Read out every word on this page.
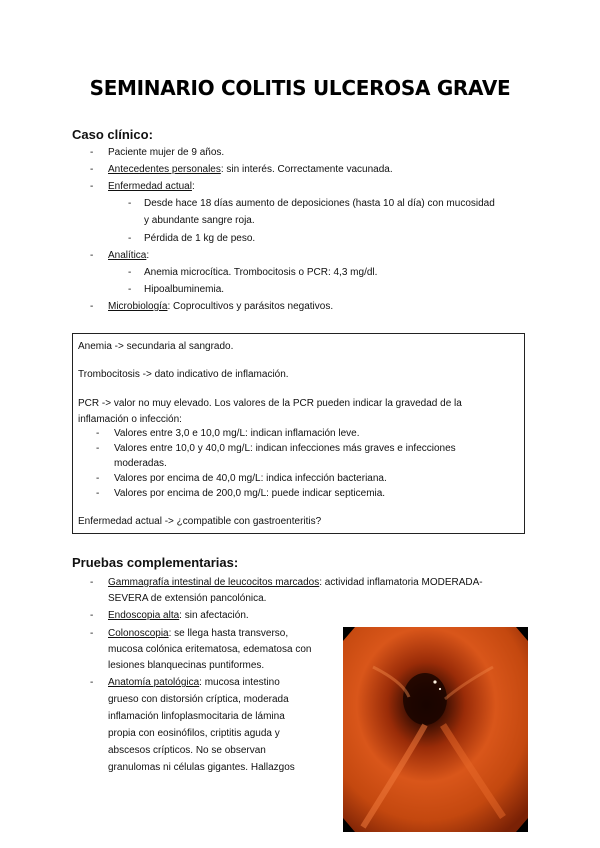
SEMINARIO COLITIS ULCEROSA GRAVE
Caso clínico:
- Paciente mujer de 9 años.
- Antecedentes personales: sin interés. Correctamente vacunada.
- Enfermedad actual:
- Desde hace 18 días aumento de deposiciones (hasta 10 al día) con mucosidad
y abundante sangre roja.
- Pérdida de 1 kg de peso.
- Analítica:
- Anemia microcítica. Trombocitosis o PCR: 4,3 mg/dl.
- Hipoalbuminemia.
- Microbiología: Coprocultivos y parásitos negativos.
Anemia -> secundaria al sangrado.
Trombocitosis -> dato indicativo de inflamación.
PCR -> valor no muy elevado. Los valores de la PCR pueden indicar la gravedad de la
inflamación o infección:
- Valores entre 3,0 e 10,0 mg/L: indican inflamación leve.
- Valores entre 10,0 y 40,0 mg/L: indican infecciones más graves e infecciones
moderadas.
- Valores por encima de 40,0 mg/L: indica infección bacteriana.
- Valores por encima de 200,0 mg/L: puede indicar septicemia.
Enfermedad actual -> ¿compatible con gastroenteritis?
Pruebas complementarias:
- Gammagrafía intestinal de leucocitos marcados: actividad inflamatoria MODERADA-
SEVERA de extensión pancolónica.
- Endoscopia alta: sin afectación.
- Colonoscopia: se llega hasta transverso,
mucosa colónica eritematosa, edematosa con
lesiones blanquecinas puntiformes.
- Anatomía patológica: mucosa intestino
grueso con distorsión críptica, moderada
inflamación linfoplasmocitaria de lámina
propia con eosinófilos, criptitis aguda y
abscesos crípticos. No se observan
granulomas ni células gigantes. Hallazgos
